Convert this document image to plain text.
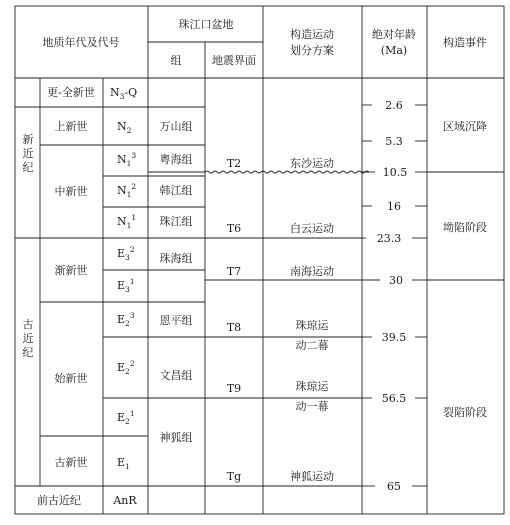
地质年代及代号
珠江口盆地
组	地震界面
构造运动
划分方案
绝对年龄
(Ma)
构造事件
新
近
纪
古
近
纪
更-全新世
上新世
中新世
渐新世
始新世
古新世
前古近纪
$N_3-Q$
$N_2$
$N_1^3$
$N_1^2$
$N_1^1$
$E_3^2$
$E_3^1$
$E_2^3$
$E_2^2$
$E_2^1$
$E_1$
AnR
万山组
粤海组
韩江组
珠江组
珠海组
恩平组
文昌组
神狐组
T2
T6
T7
T8
T9
Tg
东沙运动
白云运动
南海运动
珠琼运
动二幕
珠琼运
动一幕
神狐运动
2.6
5.3
10.5
16
23.3
30
39.5
56.5
65
区域沉降
坳陷阶段
裂陷阶段
